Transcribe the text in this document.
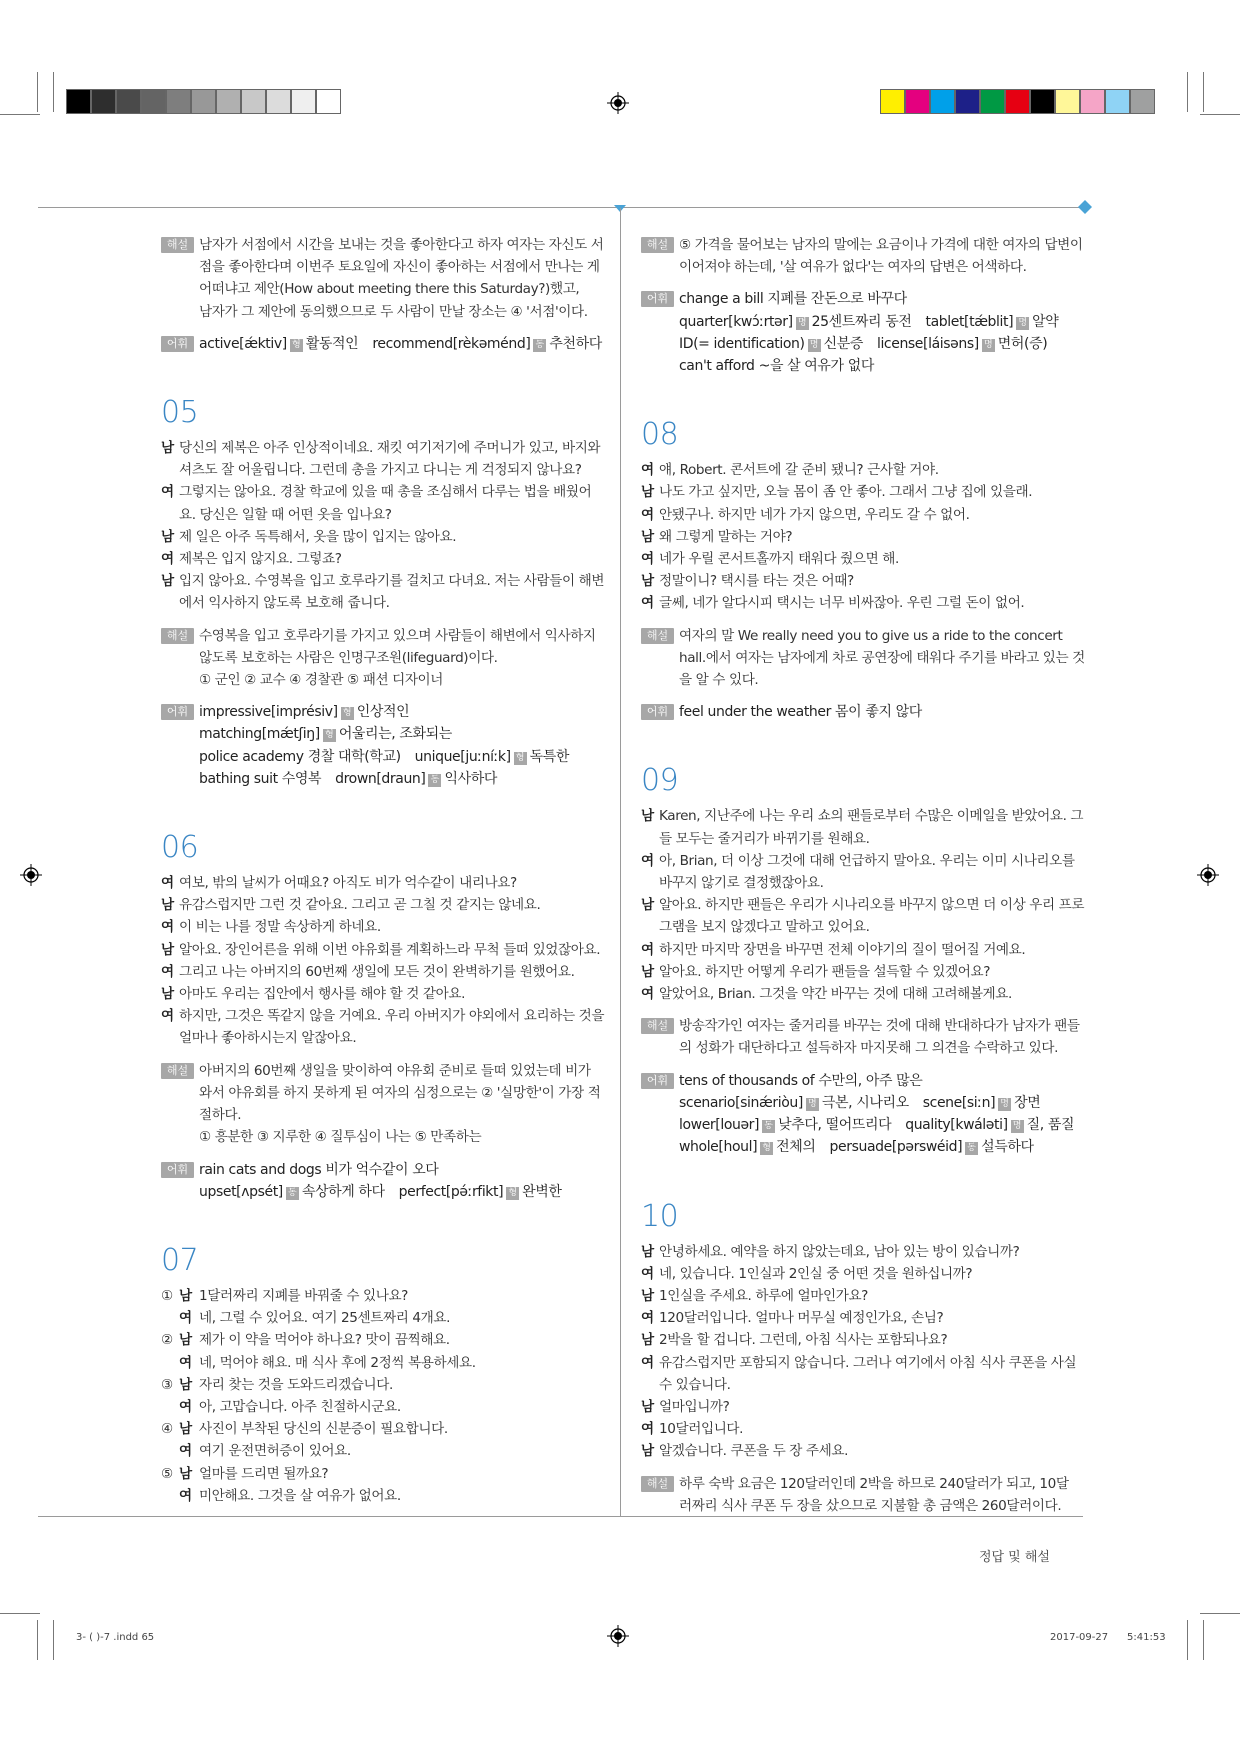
해설 남자가 서점에서 시간을 보내는 것을 좋아한다고 하자 여자는 자신도 서
점을 좋아한다며 이번주 토요일에 자신이 좋아하는 서점에서 만나는 게
어떠냐고 제안(How about meeting there this Saturday?)했고,
남자가 그 제안에 동의했으므로 두 사람이 만날 장소는 ④ '서점'이다.
어휘 active[ǽktiv] 형 활동적인 recommend[rèkəménd] 동 추천하다
05
남 당신의 제복은 아주 인상적이네요. 재킷 여기저기에 주머니가 있고, 바지와
셔츠도 잘 어울립니다. 그런데 총을 가지고 다니는 게 걱정되지 않나요?
여 그렇지는 않아요. 경찰 학교에 있을 때 총을 조심해서 다루는 법을 배웠어
요. 당신은 일할 때 어떤 옷을 입나요?
남 제 일은 아주 독특해서, 옷을 많이 입지는 않아요.
여 제복은 입지 않지요. 그렇죠?
남 입지 않아요. 수영복을 입고 호루라기를 걸치고 다녀요. 저는 사람들이 해변
에서 익사하지 않도록 보호해 줍니다.
해설 수영복을 입고 호루라기를 가지고 있으며 사람들이 해변에서 익사하지
않도록 보호하는 사람은 인명구조원(lifeguard)이다.
① 군인 ② 교수 ④ 경찰관 ⑤ 패션 디자이너
어휘 impressive[imprésiv] 형 인상적인
matching[mǽtʃiŋ] 형 어울리는, 조화되는
police academy 경찰 대학(학교) unique[juːníːk] 형 독특한
bathing suit 수영복 drown[draun] 동 익사하다
06
여 여보, 밖의 날씨가 어때요? 아직도 비가 억수같이 내리나요?
남 유감스럽지만 그런 것 같아요. 그리고 곧 그칠 것 같지는 않네요.
여 이 비는 나를 정말 속상하게 하네요.
남 알아요. 장인어른을 위해 이번 야유회를 계획하느라 무척 들떠 있었잖아요.
여 그리고 나는 아버지의 60번째 생일에 모든 것이 완벽하기를 원했어요.
남 아마도 우리는 집안에서 행사를 해야 할 것 같아요.
여 하지만, 그것은 똑같지 않을 거예요. 우리 아버지가 야외에서 요리하는 것을
얼마나 좋아하시는지 알잖아요.
해설 아버지의 60번째 생일을 맞이하여 야유회 준비로 들떠 있었는데 비가
와서 야유회를 하지 못하게 된 여자의 심정으로는 ② '실망한'이 가장 적
절하다.
① 흥분한 ③ 지루한 ④ 질투심이 나는 ⑤ 만족하는
어휘 rain cats and dogs 비가 억수같이 오다
upset[ʌpsét] 동 속상하게 하다 perfect[pə́ːrfikt] 형 완벽한
07
① 남 1달러짜리 지폐를 바꿔줄 수 있나요?
여 네, 그럴 수 있어요. 여기 25센트짜리 4개요.
② 남 제가 이 약을 먹어야 하나요? 맛이 끔찍해요.
여 네, 먹어야 해요. 매 식사 후에 2정씩 복용하세요.
③ 남 자리 찾는 것을 도와드리겠습니다.
여 아, 고맙습니다. 아주 친절하시군요.
④ 남 사진이 부착된 당신의 신분증이 필요합니다.
여 여기 운전면허증이 있어요.
⑤ 남 얼마를 드리면 될까요?
여 미안해요. 그것을 살 여유가 없어요.
해설 ⑤ 가격을 물어보는 남자의 말에는 요금이나 가격에 대한 여자의 답변이
이어져야 하는데, '살 여유가 없다'는 여자의 답변은 어색하다.
어휘 change a bill 지폐를 잔돈으로 바꾸다
quarter[kwɔ́ːrtər] 명 25센트짜리 동전 tablet[tǽblit] 명 알약
ID(= identification) 명 신분증 license[láisəns] 명 면허(증)
can't afford ~을 살 여유가 없다
08
여 얘, Robert. 콘서트에 갈 준비 됐니? 근사할 거야.
남 나도 가고 싶지만, 오늘 몸이 좀 안 좋아. 그래서 그냥 집에 있을래.
여 안됐구나. 하지만 네가 가지 않으면, 우리도 갈 수 없어.
남 왜 그렇게 말하는 거야?
여 네가 우릴 콘서트홀까지 태워다 줬으면 해.
남 정말이니? 택시를 타는 것은 어때?
여 글쎄, 네가 알다시피 택시는 너무 비싸잖아. 우린 그럴 돈이 없어.
해설 여자의 말 We really need you to give us a ride to the concert
hall.에서 여자는 남자에게 차로 공연장에 태워다 주기를 바라고 있는 것
을 알 수 있다.
어휘 feel under the weather 몸이 좋지 않다
09
남 Karen, 지난주에 나는 우리 쇼의 팬들로부터 수많은 이메일을 받았어요. 그
들 모두는 줄거리가 바뀌기를 원해요.
여 아, Brian, 더 이상 그것에 대해 언급하지 말아요. 우리는 이미 시나리오를
바꾸지 않기로 결정했잖아요.
남 알아요. 하지만 팬들은 우리가 시나리오를 바꾸지 않으면 더 이상 우리 프로
그램을 보지 않겠다고 말하고 있어요.
여 하지만 마지막 장면을 바꾸면 전체 이야기의 질이 떨어질 거예요.
남 알아요. 하지만 어떻게 우리가 팬들을 설득할 수 있겠어요?
여 알았어요, Brian. 그것을 약간 바꾸는 것에 대해 고려해볼게요.
해설 방송작가인 여자는 줄거리를 바꾸는 것에 대해 반대하다가 남자가 팬들
의 성화가 대단하다고 설득하자 마지못해 그 의견을 수락하고 있다.
어휘 tens of thousands of 수만의, 아주 많은
scenario[sinǽriòu] 명 극본, 시나리오 scene[siːn] 명 장면
lower[louər] 동 낮추다, 떨어뜨리다 quality[kwáləti] 명 질, 품질
whole[houl] 형 전체의 persuade[pərswéid] 동 설득하다
10
남 안녕하세요. 예약을 하지 않았는데요, 남아 있는 방이 있습니까?
여 네, 있습니다. 1인실과 2인실 중 어떤 것을 원하십니까?
남 1인실을 주세요. 하루에 얼마인가요?
여 120달러입니다. 얼마나 머무실 예정인가요, 손님?
남 2박을 할 겁니다. 그런데, 아침 식사는 포함되나요?
여 유감스럽지만 포함되지 않습니다. 그러나 여기에서 아침 식사 쿠폰을 사실
수 있습니다.
남 얼마입니까?
여 10달러입니다.
남 알겠습니다. 쿠폰을 두 장 주세요.
해설 하루 숙박 요금은 120달러인데 2박을 하므로 240달러가 되고, 10달
러짜리 식사 쿠폰 두 장을 샀으므로 지불할 총 금액은 260달러이다.
정답 및 해설
3- ( )-7 .indd 65	2017-09-27 5:41:53
